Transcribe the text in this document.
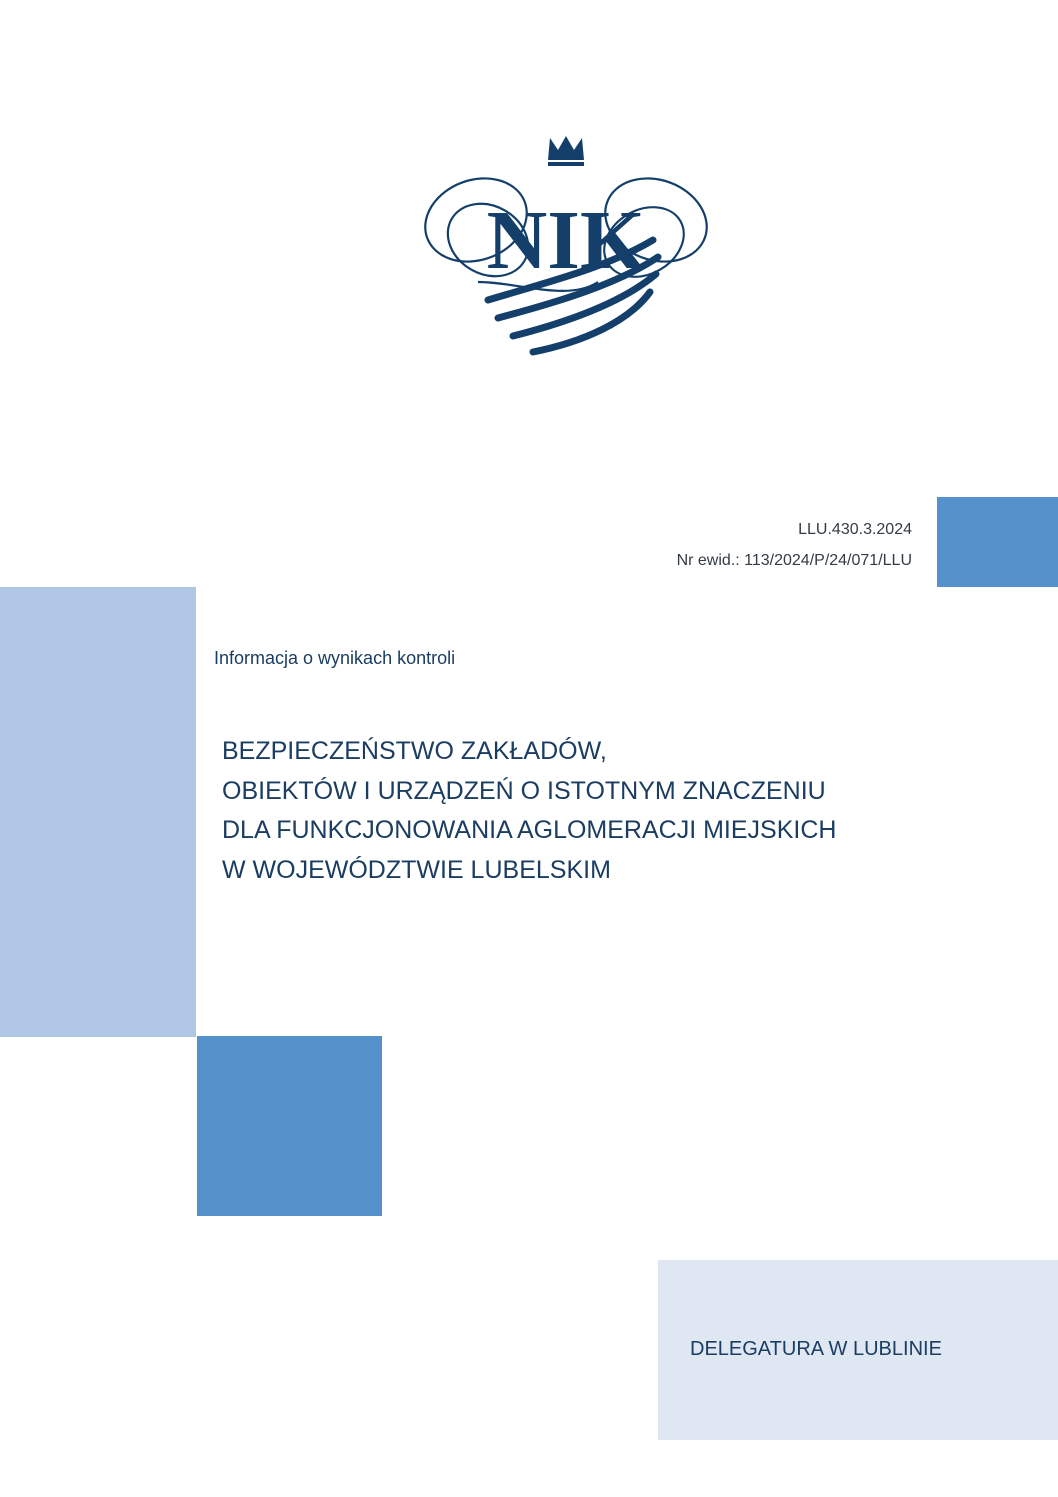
NIK
LLU.430.3.2024
Nr ewid.: 113/2024/P/24/071/LLU
Informacja o wynikach kontroli
BEZPIECZEŃSTWO ZAKŁADÓW,
OBIEKTÓW I URZĄDZEŃ O ISTOTNYM ZNACZENIU
DLA FUNKCJONOWANIA AGLOMERACJI MIEJSKICH
W WOJEWÓDZTWIE LUBELSKIM
DELEGATURA W LUBLINIE
